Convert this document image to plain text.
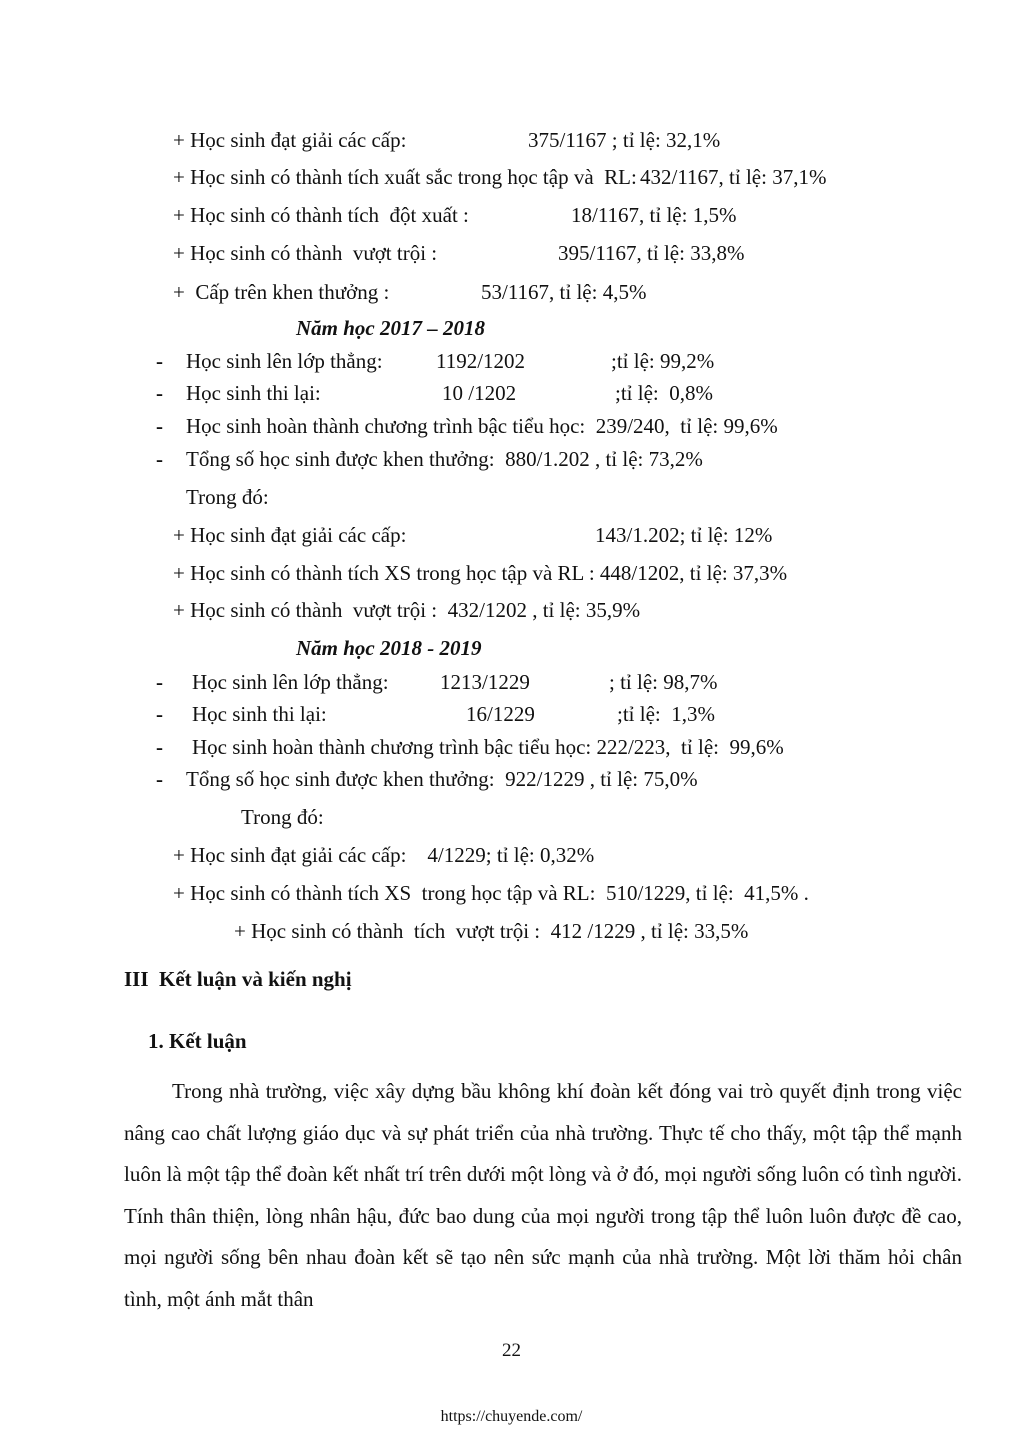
+ Học sinh đạt giải các cấp:	375/1167 ; tỉ lệ: 32,1%
+ Học sinh có thành tích xuất sắc trong học tập và  RL: 432/1167, tỉ lệ: 37,1%
+ Học sinh có thành tích  đột xuất :	18/1167, tỉ lệ: 1,5%
+ Học sinh có thành  vượt trội :	395/1167, tỉ lệ: 33,8%
+  Cấp trên khen thưởng :	53/1167, tỉ lệ: 4,5%
Năm học 2017 – 2018
- Học sinh lên lớp thẳng:	1192/1202	;tỉ lệ: 99,2%
- Học sinh thi lại:	10 /1202	;tỉ lệ:  0,8%
- Học sinh hoàn thành chương trình bậc tiểu học:  239/240,  tỉ lệ: 99,6%
- Tổng số học sinh được khen thưởng:  880/1.202 , tỉ lệ: 73,2%
Trong đó:
+ Học sinh đạt giải các cấp:	143/1.202; tỉ lệ: 12%
+ Học sinh có thành tích XS trong học tập và RL : 448/1202, tỉ lệ: 37,3%
+ Học sinh có thành  vượt trội :  432/1202 , tỉ lệ: 35,9%
Năm học 2018 - 2019
- Học sinh lên lớp thẳng: 1213/1229	; tỉ lệ: 98,7%
- Học sinh thi lại:	16/1229	;tỉ lệ:  1,3%
- Học sinh hoàn thành chương trình bậc tiểu học: 222/223,  tỉ lệ:  99,6%
- Tổng số học sinh được khen thưởng:  922/1229 , tỉ lệ: 75,0%
Trong đó:
+ Học sinh đạt giải các cấp:    4/1229; tỉ lệ: 0,32%
+ Học sinh có thành tích XS  trong học tập và RL:  510/1229, tỉ lệ:  41,5% .
+ Học sinh có thành  tích  vượt trội :  412 /1229 , tỉ lệ: 33,5%
III  Kết luận và kiến nghị
1. Kết luận
Trong nhà trường, việc xây dựng bầu không khí đoàn kết đóng vai trò quyết định trong việc nâng cao chất lượng giáo dục và sự phát triển của nhà trường. Thực tế cho thấy, một tập thể mạnh luôn là một tập thể đoàn kết nhất trí trên dưới một lòng và ở đó, mọi người sống luôn có tình người. Tính thân thiện, lòng nhân hậu, đức bao dung của mọi người trong tập thể luôn luôn được đề cao, mọi người sống bên nhau đoàn kết sẽ tạo nên sức mạnh của nhà trường. Một lời thăm hỏi chân tình, một ánh mắt thân
22
https://chuyende.com/
